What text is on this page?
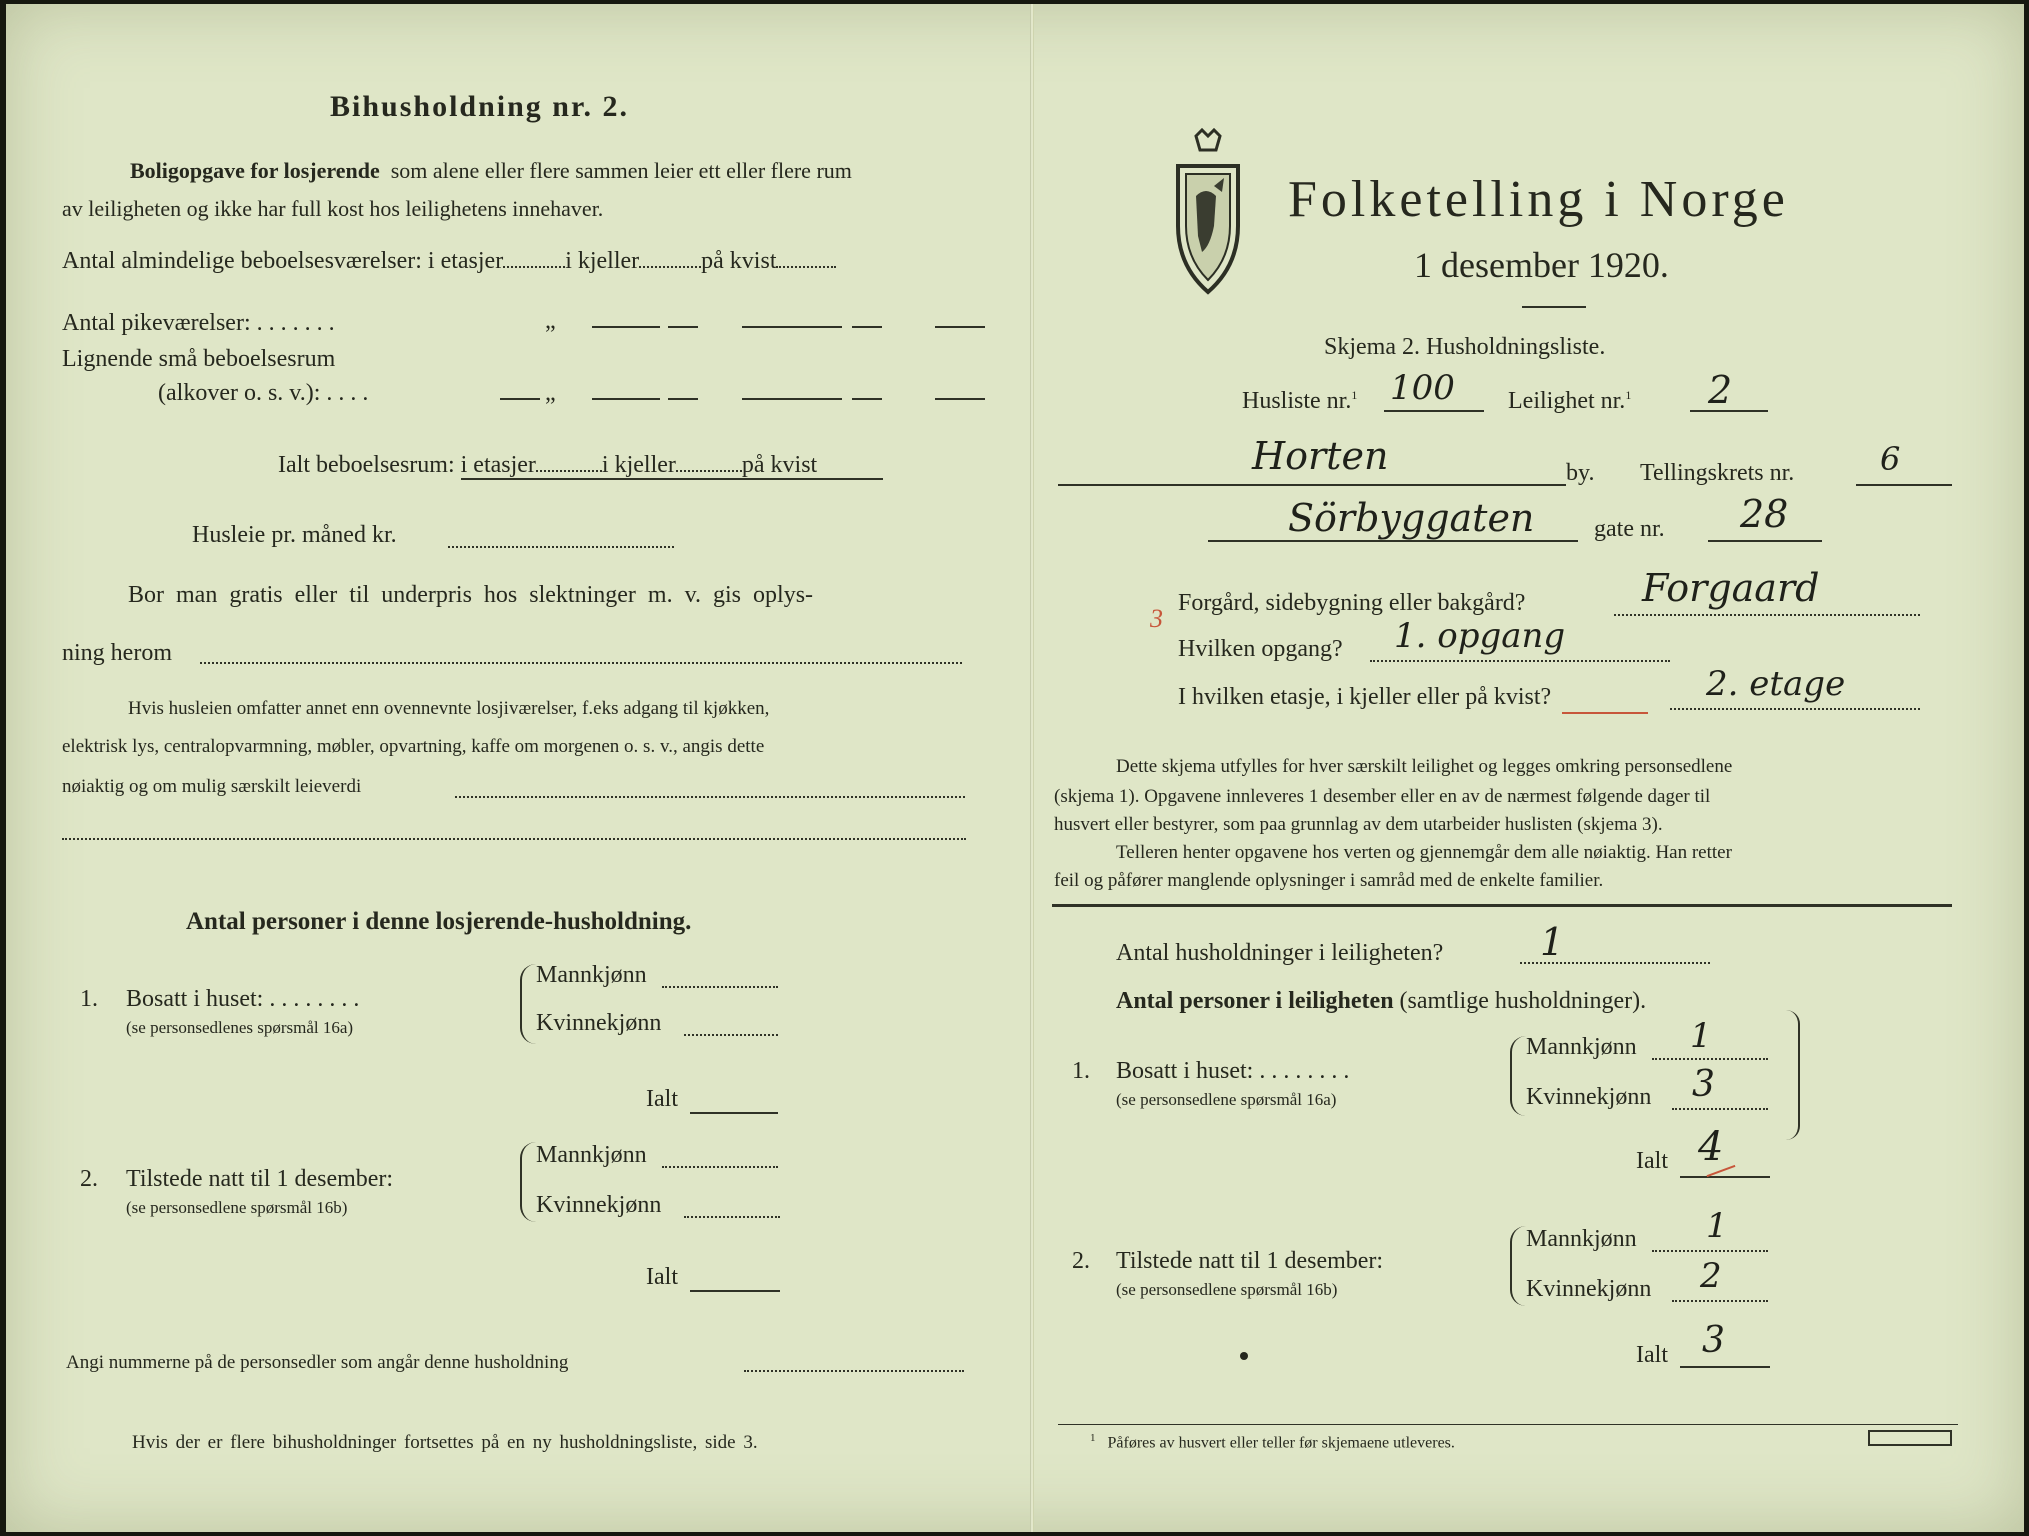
Bihusholdning nr. 2.
Boligopgave for losjerende som alene eller flere sammen leier ett eller flere rum
av leiligheten og ikke har full kost hos leilighetens innehaver.
Antal almindelige beboelsesværelser: i etasjer	i kjeller	på kvist
Antal pikeværelser: . . . . . . .	„
Lignende små beboelsesrum
(alkover o. s. v.): . . . .	„
Ialt beboelsesrum: i etasjer	i kjeller	på kvist
Husleie pr. måned kr.
Bor man gratis eller til underpris hos slektninger m. v. gis oplys-
ning herom
Hvis husleien omfatter annet enn ovennevnte losjiværelser, f.eks adgang til kjøkken,
elektrisk lys, centralopvarmning, møbler, opvartning, kaffe om morgenen o. s. v., angis dette
nøiaktig og om mulig særskilt leieverdi
Antal personer i denne losjerende-husholdning.
1. Bosatt i huset: . . . . . . . .
(se personsedlenes spørsmål 16a)
Mannkjønn
Kvinnekjønn
Ialt
2. Tilstede natt til 1 desember:
(se personsedlene spørsmål 16b)
Mannkjønn
Kvinnekjønn
Ialt
Angi nummerne på de personsedler som angår denne husholdning
Hvis der er flere bihusholdninger fortsettes på en ny husholdningsliste, side 3.
Folketelling i Norge
1 desember 1920.
Skjema 2. Husholdningsliste.
Husliste nr.$^1$ 100 Leilighet nr.$^1$ 2
Horten	by. Tellingskrets nr.	6
Sörbyggaten gate nr. 28
3
Forgård, sidebygning eller bakgård?	Forgaard
Hvilken opgang? 1. opgang
I hvilken etasje, i kjeller eller på kvist?	2. etage
Dette skjema utfylles for hver særskilt leilighet og legges omkring personsedlene
(skjema 1). Opgavene innleveres 1 desember eller en av de nærmest følgende dager til
husvert eller bestyrer, som paa grunnlag av dem utarbeider huslisten (skjema 3).
Telleren henter opgavene hos verten og gjennemgår dem alle nøiaktig. Han retter
feil og påfører manglende oplysninger i samråd med de enkelte familier.
Antal husholdninger i leiligheten?	1
Antal personer i leiligheten (samtlige husholdninger).
1. Bosatt i huset: . . . . . . . .
(se personsedlene spørsmål 16a)
Mannkjønn 1
Kvinnekjønn 3
Ialt 4
2. Tilstede natt til 1 desember:
(se personsedlene spørsmål 16b)
Mannkjønn 1
Kvinnekjønn 2
Ialt 3
$^1$ Påføres av husvert eller teller før skjemaene utleveres.
